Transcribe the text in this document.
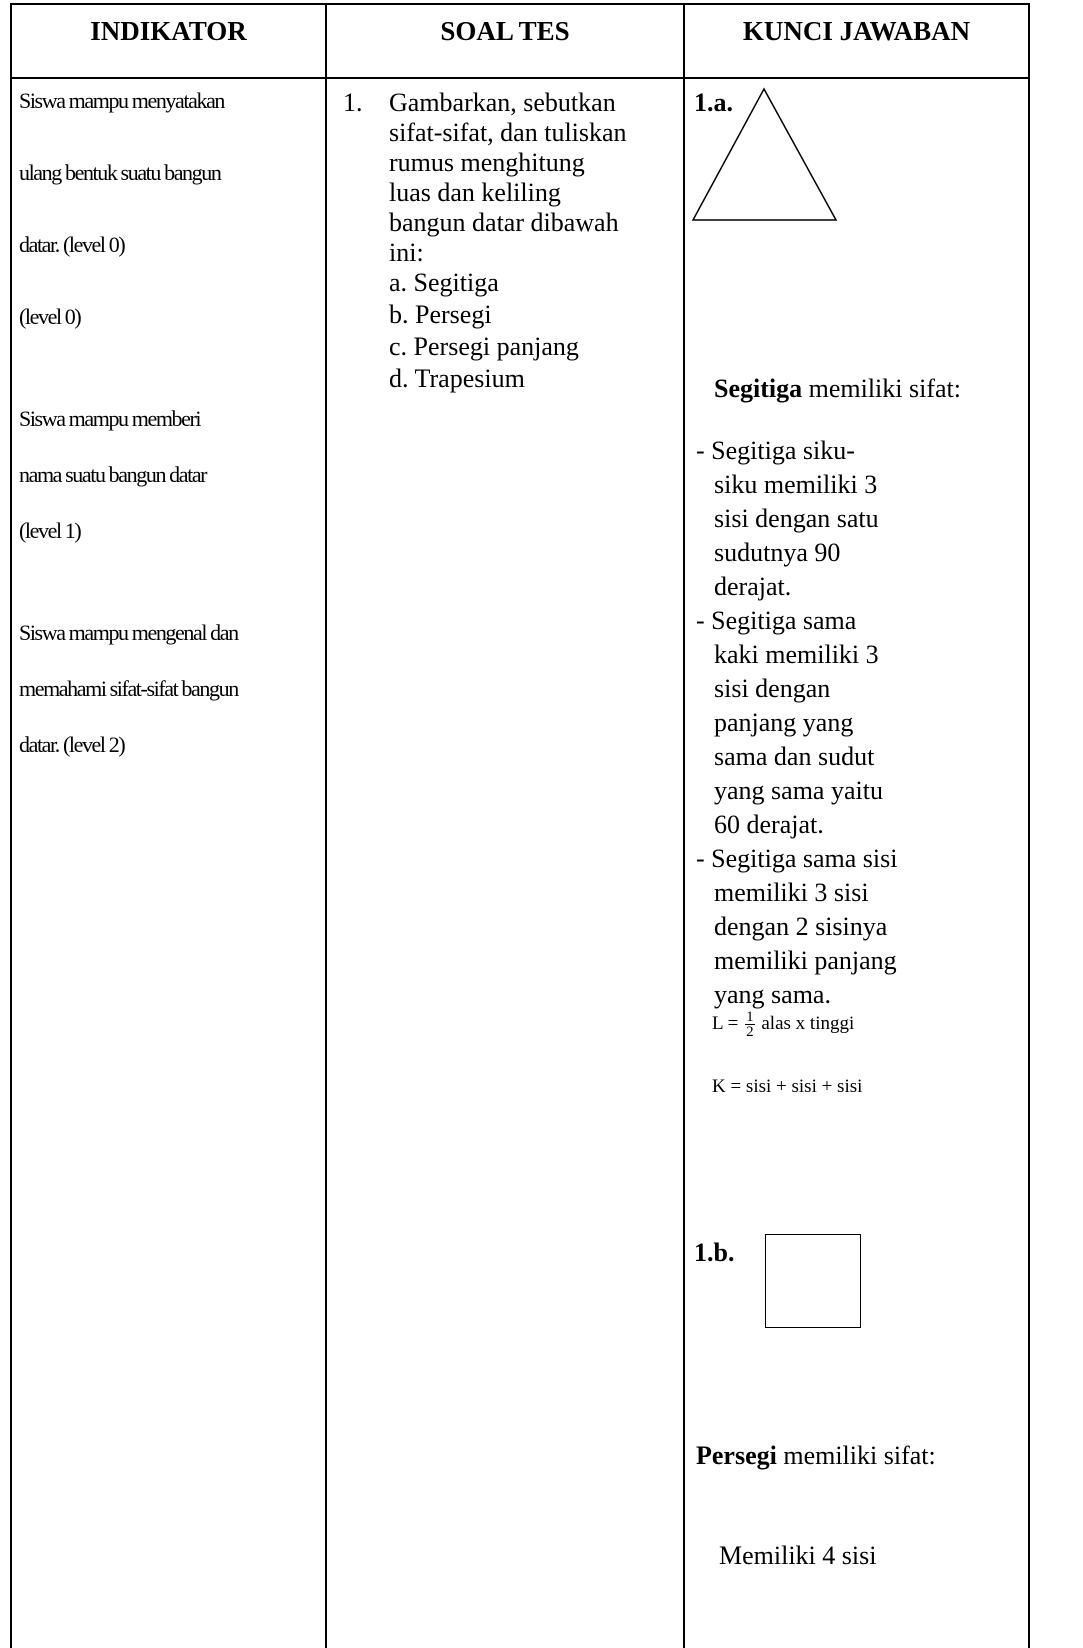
INDIKATOR	SOAL TES	KUNCI JAWABAN
Siswa mampu menyatakan
ulang bentuk suatu bangun
datar. (level 0)
(level 0)
Siswa mampu memberi
nama suatu bangun datar
(level 1)
Siswa mampu mengenal dan
memahami sifat-sifat bangun
datar. (level 2)
1. Gambarkan, sebutkan
sifat-sifat, dan tuliskan
rumus menghitung
luas dan keliling
bangun datar dibawah
ini:
a. Segitiga
b. Persegi
c. Persegi panjang
d. Trapesium
1.a.
Segitiga memiliki sifat:
- Segitiga siku-
siku memiliki 3
sisi dengan satu
sudutnya 90
derajat.
- Segitiga sama
kaki memiliki 3
sisi dengan
panjang yang
sama dan sudut
yang sama yaitu
60 derajat.
- Segitiga sama sisi
memiliki 3 sisi
dengan 2 sisinya
memiliki panjang
yang sama.
$L = \frac{1}{2}$ alas x tinggi
K = sisi + sisi + sisi
1.b.
Persegi memiliki sifat:
Memiliki 4 sisi
